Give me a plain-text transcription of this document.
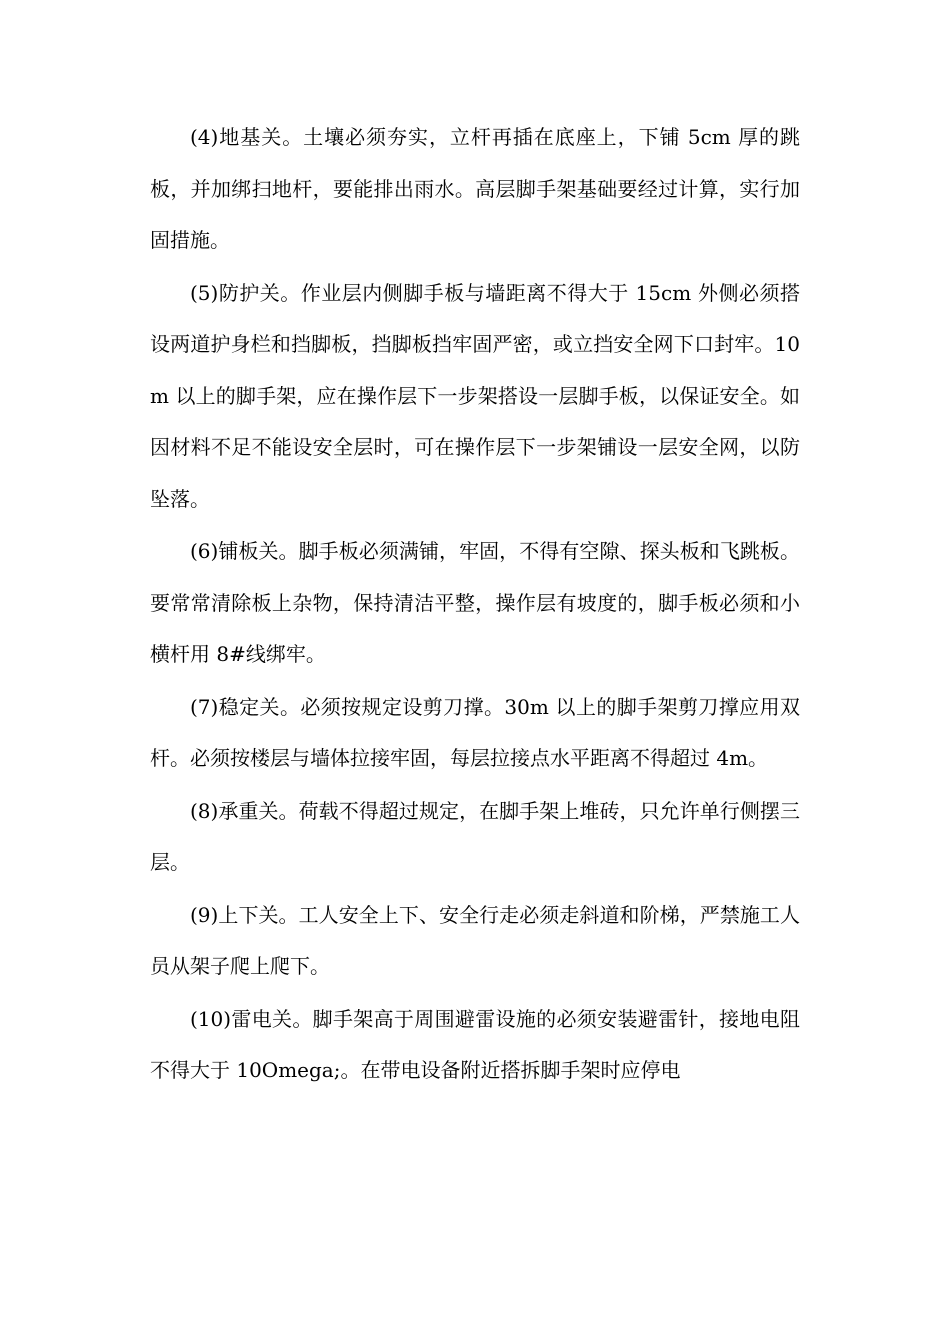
(4)地基关。土壤必须夯实，立杆再插在底座上，下铺 5cm 厚的跳板，并加绑扫地杆，要能排出雨水。高层脚手架基础要经过计算，实行加固措施。

(5)防护关。作业层内侧脚手板与墙距离不得大于 15cm 外侧必须搭设两道护身栏和挡脚板，挡脚板挡牢固严密，或立挡安全网下口封牢。10m 以上的脚手架，应在操作层下一步架搭设一层脚手板，以保证安全。如因材料不足不能设安全层时，可在操作层下一步架铺设一层安全网，以防坠落。

(6)铺板关。脚手板必须满铺，牢固，不得有空隙、探头板和飞跳板。要常常清除板上杂物，保持清洁平整，操作层有坡度的，脚手板必须和小横杆用 8#线绑牢。

(7)稳定关。必须按规定设剪刀撑。30m 以上的脚手架剪刀撑应用双杆。必须按楼层与墙体拉接牢固，每层拉接点水平距离不得超过 4m。

(8)承重关。荷载不得超过规定，在脚手架上堆砖，只允许单行侧摆三层。

(9)上下关。工人安全上下、安全行走必须走斜道和阶梯，严禁施工人员从架子爬上爬下。

(10)雷电关。脚手架高于周围避雷设施的必须安装避雷针，接地电阻不得大于 10Omega;。在带电设备附近搭拆脚手架时应停电
